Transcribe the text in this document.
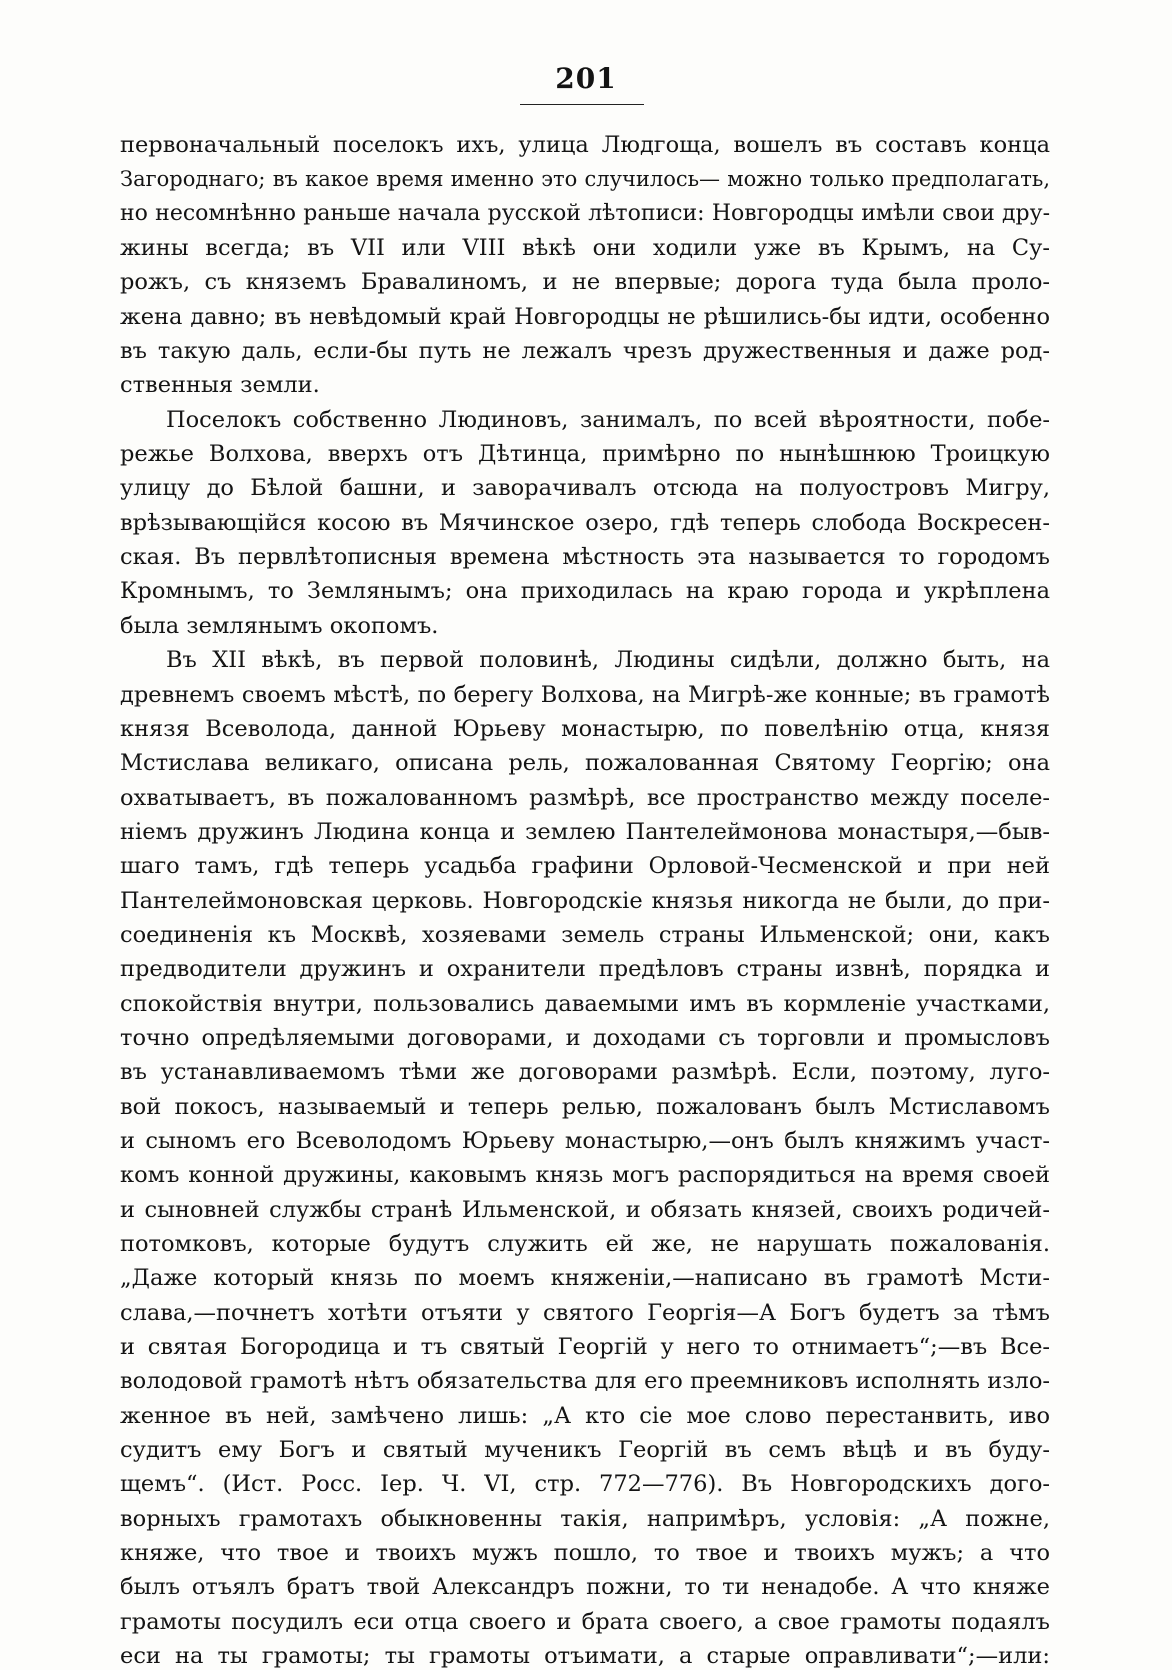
201
первоначальный поселокъ ихъ, улица Людгоща, вошелъ въ составъ конца
Загороднаго; въ какое время именно это случилось— можно только предполагать,
но несомнѣнно раньше начала русской лѣтописи: Новгородцы имѣли свои дру-
жины всегда; въ VII или VIII вѣкѣ они ходили уже въ Крымъ, на Су-
рожъ, съ княземъ Бравалиномъ, и не впервые; дорога туда была проло-
жена давно; въ невѣдомый край Новгородцы не рѣшились-бы идти, особенно
въ такую даль, если-бы путь не лежалъ чрезъ дружественныя и даже род-
ственныя земли.
Поселокъ собственно Людиновъ, занималъ, по всей вѣроятности, побе-
режье Волхова, вверхъ отъ Дѣтинца, примѣрно по нынѣшнюю Троицкую
улицу до Бѣлой башни, и заворачивалъ отсюда на полуостровъ Мигру,
врѣзывающійся косою въ Мячинское озеро, гдѣ теперь слобода Воскресен-
ская. Въ первлѣтописныя времена мѣстность эта называется то городомъ
Кромнымъ, то Землянымъ; она приходилась на краю города и укрѣплена
была землянымъ окопомъ.
Въ XII вѣкѣ, въ первой половинѣ, Людины сидѣли, должно быть, на
древнемъ своемъ мѣстѣ, по берегу Волхова, на Мигрѣ-же конные; въ грамотѣ
князя Всеволода, данной Юрьеву монастырю, по повелѣнію отца, князя
Мстислава великаго, описана рель, пожалованная Святому Георгію; она
охватываетъ, въ пожалованномъ размѣрѣ, все пространство между поселе-
ніемъ дружинъ Людина конца и землею Пантелеймонова монастыря,—быв-
шаго тамъ, гдѣ теперь усадьба графини Орловой-Чесменской и при ней
Пантелеймоновская церковь. Новгородскіе князья никогда не были, до при-
соединенія къ Москвѣ, хозяевами земель страны Ильменской; они, какъ
предводители дружинъ и охранители предѣловъ страны извнѣ, порядка и
спокойствія внутри, пользовались даваемыми имъ въ кормленіе участками,
точно опредѣляемыми договорами, и доходами съ торговли и промысловъ
въ устанавливаемомъ тѣми же договорами размѣрѣ. Если, поэтому, луго-
вой покосъ, называемый и теперь релью, пожалованъ былъ Мстиславомъ
и сыномъ его Всеволодомъ Юрьеву монастырю,—онъ былъ княжимъ участ-
комъ конной дружины, каковымъ князь могъ распорядиться на время своей
и сыновней службы странѣ Ильменской, и обязать князей, своихъ родичей-
потомковъ, которые будутъ служить ей же, не нарушать пожалованія.
„Даже который князь по моемъ княженіи,—написано въ грамотѣ Мсти-
слава,—почнетъ хотѣти отъяти у святого Георгія—А Богъ будетъ за тѣмъ
и святая Богородица и тъ святый Георгій у него то отнимаетъ“;—въ Все-
володовой грамотѣ нѣтъ обязательства для его преемниковъ исполнять изло-
женное въ ней, замѣчено лишь: „А кто сіе мое слово перестанвить, иво
судитъ ему Богъ и святый мученикъ Георгій въ семъ вѣцѣ и въ буду-
щемъ“. (Ист. Росс. Іер. Ч. VI, стр. 772—776). Въ Новгородскихъ дого-
ворныхъ грамотахъ обыкновенны такія, напримѣръ, условія: „А пожне,
княже, что твое и твоихъ мужъ пошло, то твое и твоихъ мужъ; а что
былъ отъялъ братъ твой Александръ пожни, то ти ненадобе. А что княже
грамоты посудилъ еси отца своего и брата своего, а свое грамоты подаялъ
еси на ты грамоты; ты грамоты отъимати, а старые оправливати“;—или:
